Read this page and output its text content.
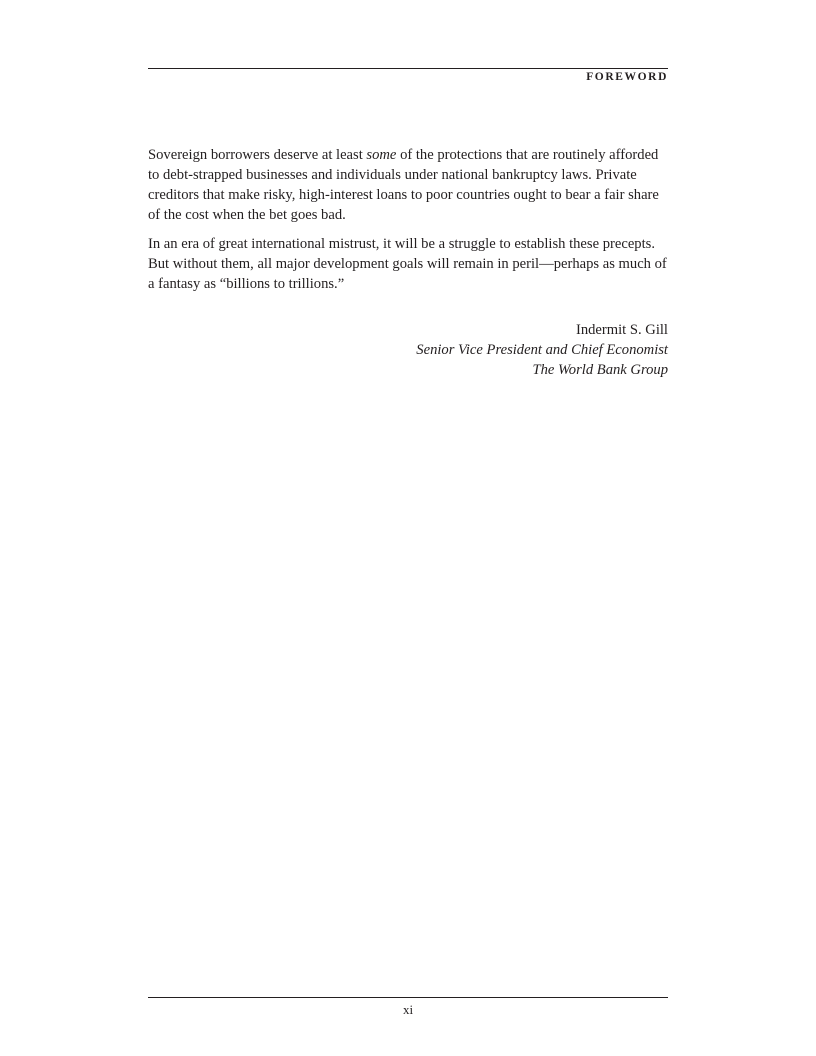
FOREWORD

Sovereign borrowers deserve at least some of the protections that are routinely afforded to debt-strapped businesses and individuals under national bankruptcy laws. Private creditors that make risky, high-interest loans to poor countries ought to bear a fair share of the cost when the bet goes bad.

In an era of great international mistrust, it will be a struggle to establish these precepts. But without them, all major development goals will remain in peril—perhaps as much of a fantasy as “billions to trillions.”

Indermit S. Gill
Senior Vice President and Chief Economist
The World Bank Group
xi
